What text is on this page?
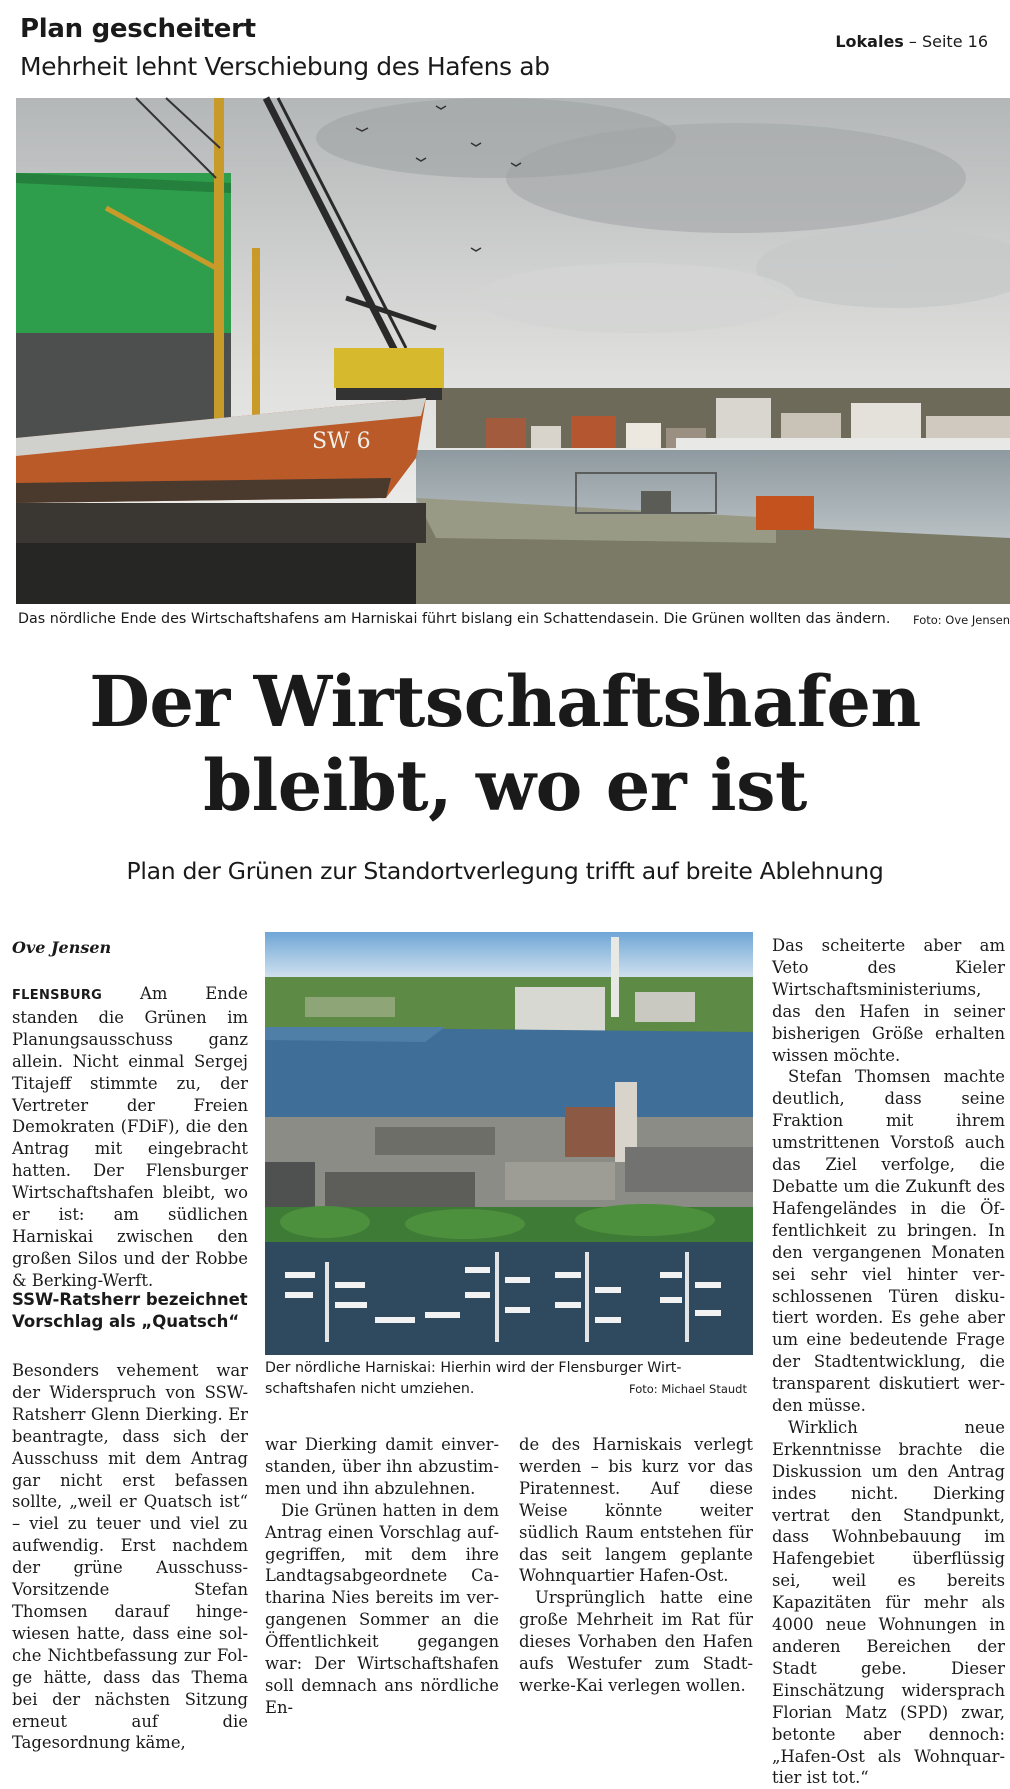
Plan gescheitert
Mehrheit lehnt Verschiebung des Hafens ab
Lokales – Seite 16
SW 6
Das nördliche Ende des Wirtschaftshafens am Harniskai führt bislang ein Schattendasein. Die Grünen wollten das ändern. Foto: Ove Jensen
Der Wirtschaftshafen
bleibt, wo er ist
Plan der Grünen zur Standortverlegung trifft auf breite Ablehnung
Ove Jensen

FLENSBURG Am Ende standen die Grünen im Planungsausschuss ganz allein. Nicht einmal Sergej Titajeff stimmte zu, der Vertreter der Freien Demokraten (FDiF), die den Antrag mit eingebracht hatten. Der Flensburger Wirtschaftshafen bleibt, wo er ist: am südlichen Harniskai zwischen den großen Silos und der Robbe & Berking-Werft.

SSW-Ratsherr bezeichnet Vorschlag als „Quatsch“

Besonders vehement war der Widerspruch von SSW-Ratsherr Glenn Dierking. Er beantragte, dass sich der Ausschuss mit dem Antrag gar nicht erst befassen sollte, „weil er Quatsch ist“ – viel zu teuer und viel zu aufwendig. Erst nachdem der grüne Ausschuss-Vorsitzende Stefan Thomsen darauf hingewiesen hatte, dass eine solche Nichtbefassung zur Folge hätte, dass das Thema bei der nächsten Sitzung erneut auf die Tagesordnung käme,

Der nördliche Harniskai: Hierhin wird der Flensburger Wirtschaftshafen nicht umziehen.	Foto: Michael Staudt

war Dierking damit einverstanden, über ihn abzustimmen und ihn abzulehnen.

Die Grünen hatten in dem Antrag einen Vorschlag aufgegriffen, mit dem ihre Landtagsabgeordnete Catharina Nies bereits im vergangenen Sommer an die Öffentlichkeit gegangen war: Der Wirtschaftshafen soll demnach ans nördliche En-

de des Harniskais verlegt werden – bis kurz vor das Piratennest. Auf diese Weise könnte weiter südlich Raum entstehen für das seit langem geplante Wohnquartier Hafen-Ost.

Ursprünglich hatte eine große Mehrheit im Rat für dieses Vorhaben den Hafen aufs Westufer zum Stadtwerke-Kai verlegen wollen.

Das scheiterte aber am Veto des Kieler Wirtschaftsministeriums, das den Hafen in seiner bisherigen Größe erhalten wissen möchte.

Stefan Thomsen machte deutlich, dass seine Fraktion mit ihrem umstrittenen Vorstoß auch das Ziel verfolge, die Debatte um die Zukunft des Hafengeländes in die Öffentlichkeit zu bringen. In den vergangenen Monaten sei sehr viel hinter verschlossenen Türen diskutiert worden. Es gehe aber um eine bedeutende Frage der Stadtentwicklung, die transparent diskutiert werden müsse.

Wirklich neue Erkenntnisse brachte die Diskussion um den Antrag indes nicht. Dierking vertrat den Standpunkt, dass Wohnbebauung im Hafengebiet überflüssig sei, weil es bereits Kapazitäten für mehr als 4000 neue Wohnungen in anderen Bereichen der Stadt gebe. Dieser Einschätzung widersprach Florian Matz (SPD) zwar, betonte aber dennoch: „Hafen-Ost als Wohnquartier ist tot.“
